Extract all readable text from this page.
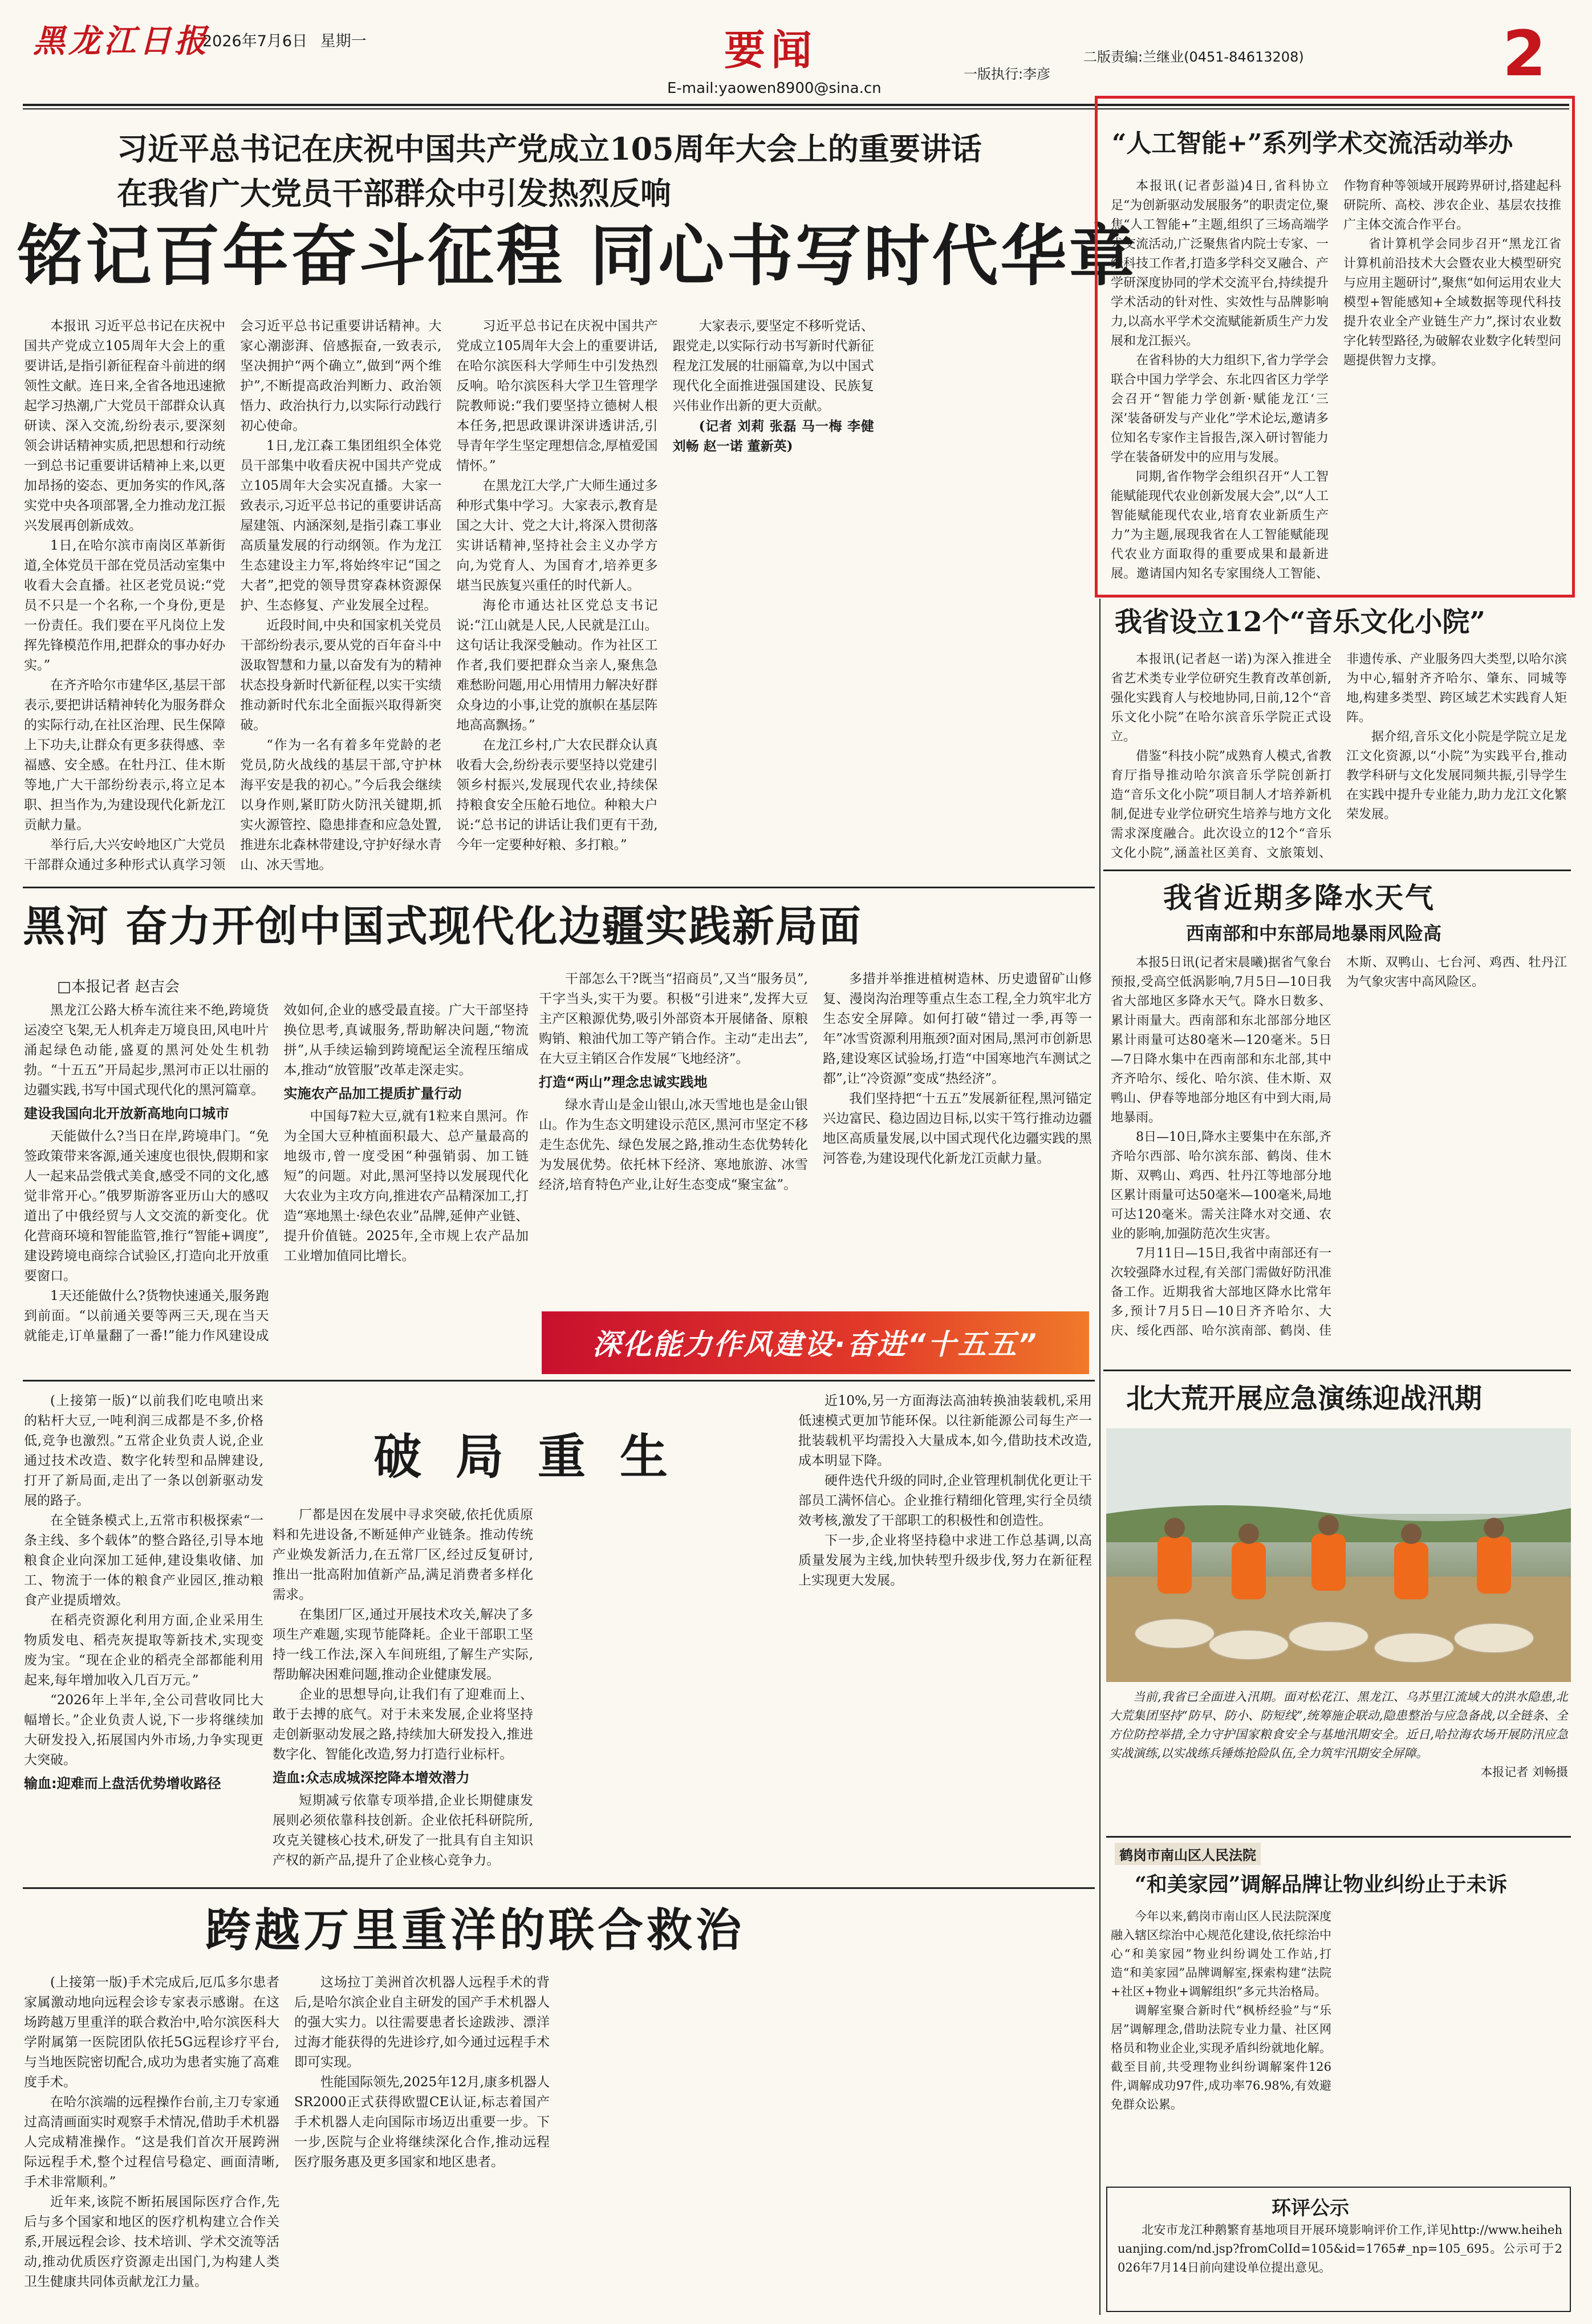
黑龙江日报
2026年7月6日 星期一	要闻
E-mail:yaowen8900@sina.cn
一版执行:李彦
二版责编:兰继业(0451-84613208)	2
习近平总书记在庆祝中国共产党成立105周年大会上的重要讲话在我省广大党员干部群众中引发热烈反响
铭记百年奋斗征程 同心书写时代华章

本报讯 习近平总书记在庆祝中国共产党成立105周年大会上的重要讲话,是指引新征程奋斗前进的纲领性文献。连日来,全省各地迅速掀起学习热潮,广大党员干部群众认真研读、深入交流,纷纷表示,要深刻领会讲话精神实质,把思想和行动统一到总书记重要讲话精神上来,以更加昂扬的姿态、更加务实的作风,落实党中央各项部署,全力推动龙江振兴发展再创新成效。

1日,在哈尔滨市南岗区革新街道,全体党员干部在党员活动室集中收看大会直播。社区老党员说:“党员不只是一个名称,一个身份,更是一份责任。我们要在平凡岗位上发挥先锋模范作用,把群众的事办好办实。”

在齐齐哈尔市建华区,基层干部表示,要把讲话精神转化为服务群众的实际行动,在社区治理、民生保障上下功夫,让群众有更多获得感、幸福感、安全感。在牡丹江、佳木斯等地,广大干部纷纷表示,将立足本职、担当作为,为建设现代化新龙江贡献力量。

举行后,大兴安岭地区广大党员干部群众通过多种形式认真学习领会习近平总书记重要讲话精神。大家心潮澎湃、倍感振奋,一致表示,坚决拥护“两个确立”,做到“两个维护”,不断提高政治判断力、政治领悟力、政治执行力,以实际行动践行初心使命。

1日,龙江森工集团组织全体党员干部集中收看庆祝中国共产党成立105周年大会实况直播。大家一致表示,习近平总书记的重要讲话高屋建瓴、内涵深刻,是指引森工事业高质量发展的行动纲领。作为龙江生态建设主力军,将始终牢记“国之大者”,把党的领导贯穿森林资源保护、生态修复、产业发展全过程。

近段时间,中央和国家机关党员干部纷纷表示,要从党的百年奋斗中汲取智慧和力量,以奋发有为的精神状态投身新时代新征程,以实干实绩推动新时代东北全面振兴取得新突破。

“作为一名有着多年党龄的老党员,防火战线的基层干部,守护林海平安是我的初心。”今后我会继续以身作则,紧盯防火防汛关键期,抓实火源管控、隐患排查和应急处置,推进东北森林带建设,守护好绿水青山、冰天雪地。

习近平总书记在庆祝中国共产党成立105周年大会上的重要讲话,在哈尔滨医科大学师生中引发热烈反响。哈尔滨医科大学卫生管理学院教师说:“我们要坚持立德树人根本任务,把思政课讲深讲透讲活,引导青年学生坚定理想信念,厚植爱国情怀。”

在黑龙江大学,广大师生通过多种形式集中学习。大家表示,教育是国之大计、党之大计,将深入贯彻落实讲话精神,坚持社会主义办学方向,为党育人、为国育才,培养更多堪当民族复兴重任的时代新人。

海伦市通达社区党总支书记说:“江山就是人民,人民就是江山。这句话让我深受触动。作为社区工作者,我们要把群众当亲人,聚焦急难愁盼问题,用心用情用力解决好群众身边的小事,让党的旗帜在基层阵地高高飘扬。”

在龙江乡村,广大农民群众认真收看大会,纷纷表示要坚持以党建引领乡村振兴,发展现代农业,持续保持粮食安全压舱石地位。种粮大户说:“总书记的讲话让我们更有干劲,今年一定要种好粮、多打粮。”

大家表示,要坚定不移听党话、跟党走,以实际行动书写新时代新征程龙江发展的壮丽篇章,为以中国式现代化全面推进强国建设、民族复兴伟业作出新的更大贡献。

(记者 刘莉 张磊 马一梅 李健 刘畅 赵一诺 董新英)

“人工智能+”系列学术交流活动举办

本报讯(记者彭溢)4日,省科协立足“为创新驱动发展服务”的职责定位,聚焦“人工智能+”主题,组织了三场高端学术交流活动,广泛聚焦省内院士专家、一线科技工作者,打造多学科交叉融合、产学研深度协同的学术交流平台,持续提升学术活动的针对性、实效性与品牌影响力,以高水平学术交流赋能新质生产力发展和龙江振兴。

在省科协的大力组织下,省力学学会联合中国力学学会、东北四省区力学学会召开“智能力学创新·赋能龙江‘三深’装备研发与产业化”学术论坛,邀请多位知名专家作主旨报告,深入研讨智能力学在装备研发中的应用与发展。

同期,省作物学会组织召开“人工智能赋能现代农业创新发展大会”,以“人工智能赋能现代农业,培育农业新质生产力”为主题,展现我省在人工智能赋能现代农业方面取得的重要成果和最新进展。邀请国内知名专家围绕人工智能、作物育种等领域开展跨界研讨,搭建起科研院所、高校、涉农企业、基层农技推广主体交流合作平台。

省计算机学会同步召开“黑龙江省计算机前沿技术大会暨农业大模型研究与应用主题研讨”,聚焦“如何运用农业大模型+智能感知+全域数据等现代科技提升农业全产业链生产力”,探讨农业数字化转型路径,为破解农业数字化转型问题提供智力支撑。

我省设立12个“音乐文化小院”

本报讯(记者赵一诺)为深入推进全省艺术类专业学位研究生教育改革创新,强化实践育人与校地协同,日前,12个“音乐文化小院”在哈尔滨音乐学院正式设立。

借鉴“科技小院”成熟育人模式,省教育厅指导推动哈尔滨音乐学院创新打造“音乐文化小院”项目制人才培养新机制,促进专业学位研究生培养与地方文化需求深度融合。此次设立的12个“音乐文化小院”,涵盖社区美育、文旅策划、非遗传承、产业服务四大类型,以哈尔滨为中心,辐射齐齐哈尔、肇东、同城等地,构建多类型、跨区域艺术实践育人矩阵。

据介绍,音乐文化小院是学院立足龙江文化资源,以“小院”为实践平台,推动教学科研与文化发展同频共振,引导学生在实践中提升专业能力,助力龙江文化繁荣发展。

我省近期多降水天气
西南部和中东部局地暴雨风险高

本报5日讯(记者宋晨曦)据省气象台预报,受高空低涡影响,7月5日—10日我省大部地区多降水天气。降水日数多、累计雨量大。西南部和东北部部分地区累计雨量可达80毫米—120毫米。5日—7日降水集中在西南部和东北部,其中齐齐哈尔、绥化、哈尔滨、佳木斯、双鸭山、伊春等地部分地区有中到大雨,局地暴雨。

8日—10日,降水主要集中在东部,齐齐哈尔西部、哈尔滨东部、鹤岗、佳木斯、双鸭山、鸡西、牡丹江等地部分地区累计雨量可达50毫米—100毫米,局地可达120毫米。需关注降水对交通、农业的影响,加强防范次生灾害。

7月11日—15日,我省中南部还有一次较强降水过程,有关部门需做好防汛准备工作。近期我省大部地区降水比常年多,预计7月5日—10日齐齐哈尔、大庆、绥化西部、哈尔滨南部、鹤岗、佳木斯、双鸭山、七台河、鸡西、牡丹江为气象灾害中高风险区。

黑河 奋力开创中国式现代化边疆实践新局面
□本报记者 赵吉会

黑龙江公路大桥车流往来不绝,跨境货运凌空飞架,无人机奔走万境良田,风电叶片涌起绿色动能,盛夏的黑河处处生机勃勃。“十五五”开局起步,黑河市正以壮丽的边疆实践,书写中国式现代化的黑河篇章。

建设我国向北开放新高地向口城市

天能做什么?当日在岸,跨境串门。“免签政策带来客源,通关速度也很快,假期和家人一起来品尝俄式美食,感受不同的文化,感觉非常开心。”俄罗斯游客亚历山大的感叹道出了中俄经贸与人文交流的新变化。优化营商环境和智能监管,推行“智能+调度”,建设跨境电商综合试验区,打造向北开放重要窗口。

1天还能做什么?货物快速通关,服务跑到前面。“以前通关要等两三天,现在当天就能走,订单量翻了一番!”能力作风建设成效如何,企业的感受最直接。广大干部坚持换位思考,真诚服务,帮助解决问题,“物流拼”,从手续运输到跨境配运全流程压缩成本,推动“放管服”改革走深走实。

实施农产品加工提质扩量行动

中国每7粒大豆,就有1粒来自黑河。作为全国大豆种植面积最大、总产量最高的地级市,曾一度受困“种强销弱、加工链短”的问题。对此,黑河坚持以发展现代化大农业为主攻方向,推进农产品精深加工,打造“寒地黑土·绿色农业”品牌,延伸产业链、提升价值链。2025年,全市规上农产品加工业增加值同比增长。

干部怎么干?既当“招商员”,又当“服务员”,干字当头,实干为要。积极“引进来”,发挥大豆主产区粮源优势,吸引外部资本开展储备、原粮购销、粮油代加工等产销合作。主动“走出去”,在大豆主销区合作发展“飞地经济”。

打造“两山”理念忠诚实践地

绿水青山是金山银山,冰天雪地也是金山银山。作为生态文明建设示范区,黑河市坚定不移走生态优先、绿色发展之路,推动生态优势转化为发展优势。依托林下经济、寒地旅游、冰雪经济,培育特色产业,让好生态变成“聚宝盆”。

多措并举推进植树造林、历史遗留矿山修复、漫岗沟治理等重点生态工程,全力筑牢北方生态安全屏障。如何打破“错过一季,再等一年”冰雪资源利用瓶颈?面对困局,黑河市创新思路,建设寒区试验场,打造“中国寒地汽车测试之都”,让“冷资源”变成“热经济”。

我们坚持把“十五五”发展新征程,黑河锚定兴边富民、稳边固边目标,以实干笃行推动边疆地区高质量发展,以中国式现代化边疆实践的黑河答卷,为建设现代化新龙江贡献力量。

深化能力作风建设·奋进“十五五”
破局重生

(上接第一版)“以前我们吃电喷出来的粘杆大豆,一吨利润三成都是不多,价格低,竞争也激烈。”五常企业负责人说,企业通过技术改造、数字化转型和品牌建设,打开了新局面,走出了一条以创新驱动发展的路子。

在全链条模式上,五常市积极探索“一条主线、多个载体”的整合路径,引导本地粮食企业向深加工延伸,建设集收储、加工、物流于一体的粮食产业园区,推动粮食产业提质增效。

在稻壳资源化利用方面,企业采用生物质发电、稻壳灰提取等新技术,实现变废为宝。“现在企业的稻壳全部都能利用起来,每年增加收入几百万元。”

“2026年上半年,全公司营收同比大幅增长。”企业负责人说,下一步将继续加大研发投入,拓展国内外市场,力争实现更大突破。

输血:迎难而上盘活优势增收路径

厂都是因在发展中寻求突破,依托优质原料和先进设备,不断延伸产业链条。推动传统产业焕发新活力,在五常厂区,经过反复研讨,推出一批高附加值新产品,满足消费者多样化需求。

在集团厂区,通过开展技术攻关,解决了多项生产难题,实现节能降耗。企业干部职工坚持一线工作法,深入车间班组,了解生产实际,帮助解决困难问题,推动企业健康发展。

企业的思想导向,让我们有了迎难而上、敢于去搏的底气。对于未来发展,企业将坚持走创新驱动发展之路,持续加大研发投入,推进数字化、智能化改造,努力打造行业标杆。

造血:众志成城深挖降本增效潜力

短期减亏依靠专项举措,企业长期健康发展则必须依靠科技创新。企业依托科研院所,攻克关键核心技术,研发了一批具有自主知识产权的新产品,提升了企业核心竞争力。

近10%,另一方面海法高油转换油装载机,采用低速模式更加节能环保。以往新能源公司每生产一批装载机平均需投入大量成本,如今,借助技术改造,成本明显下降。

硬件迭代升级的同时,企业管理机制优化更让干部员工满怀信心。企业推行精细化管理,实行全员绩效考核,激发了干部职工的积极性和创造性。

下一步,企业将坚持稳中求进工作总基调,以高质量发展为主线,加快转型升级步伐,努力在新征程上实现更大发展。

北大荒开展应急演练迎战汛期

当前,我省已全面进入汛期。面对松花江、黑龙江、乌苏里江流域大的洪水隐患,北大荒集团坚持“防早、防小、防短线”,统筹施企联动,隐患整治与应急备战,以全链条、全方位防控举措,全力守护国家粮食安全与基地汛期安全。近日,哈拉海农场开展防汛应急实战演练,以实战练兵锤炼抢险队伍,全力筑牢汛期安全屏障。

本报记者 刘畅摄
鹤岗市南山区人民法院
“和美家园”调解品牌让物业纠纷止于未诉

今年以来,鹤岗市南山区人民法院深度融入辖区综治中心规范化建设,依托综治中心“和美家园”物业纠纷调处工作站,打造“和美家园”品牌调解室,探索构建“法院+社区+物业+调解组织”多元共治格局。

调解室聚合新时代“枫桥经验”与“乐居”调解理念,借助法院专业力量、社区网格员和物业企业,实现矛盾纠纷就地化解。截至目前,共受理物业纠纷调解案件126件,调解成功97件,成功率76.98%,有效避免群众讼累。

环评公示
北安市龙江种鹅繁育基地项目开展环境影响评价工作,详见http://www.heihehuanjing.com/nd.jsp?fromColId=105&id=1765#_np=105_695。公示可于2026年7月14日前向建设单位提出意见。
跨越万里重洋的联合救治

(上接第一版)手术完成后,厄瓜多尔患者家属激动地向远程会诊专家表示感谢。在这场跨越万里重洋的联合救治中,哈尔滨医科大学附属第一医院团队依托5G远程诊疗平台,与当地医院密切配合,成功为患者实施了高难度手术。

在哈尔滨端的远程操作台前,主刀专家通过高清画面实时观察手术情况,借助手术机器人完成精准操作。“这是我们首次开展跨洲际远程手术,整个过程信号稳定、画面清晰,手术非常顺利。”

近年来,该院不断拓展国际医疗合作,先后与多个国家和地区的医疗机构建立合作关系,开展远程会诊、技术培训、学术交流等活动,推动优质医疗资源走出国门,为构建人类卫生健康共同体贡献龙江力量。

这场拉丁美洲首次机器人远程手术的背后,是哈尔滨企业自主研发的国产手术机器人的强大实力。以往需要患者长途跋涉、漂洋过海才能获得的先进诊疗,如今通过远程手术即可实现。

性能国际领先,2025年12月,康多机器人SR2000正式获得欧盟CE认证,标志着国产手术机器人走向国际市场迈出重要一步。下一步,医院与企业将继续深化合作,推动远程医疗服务惠及更多国家和地区患者。
